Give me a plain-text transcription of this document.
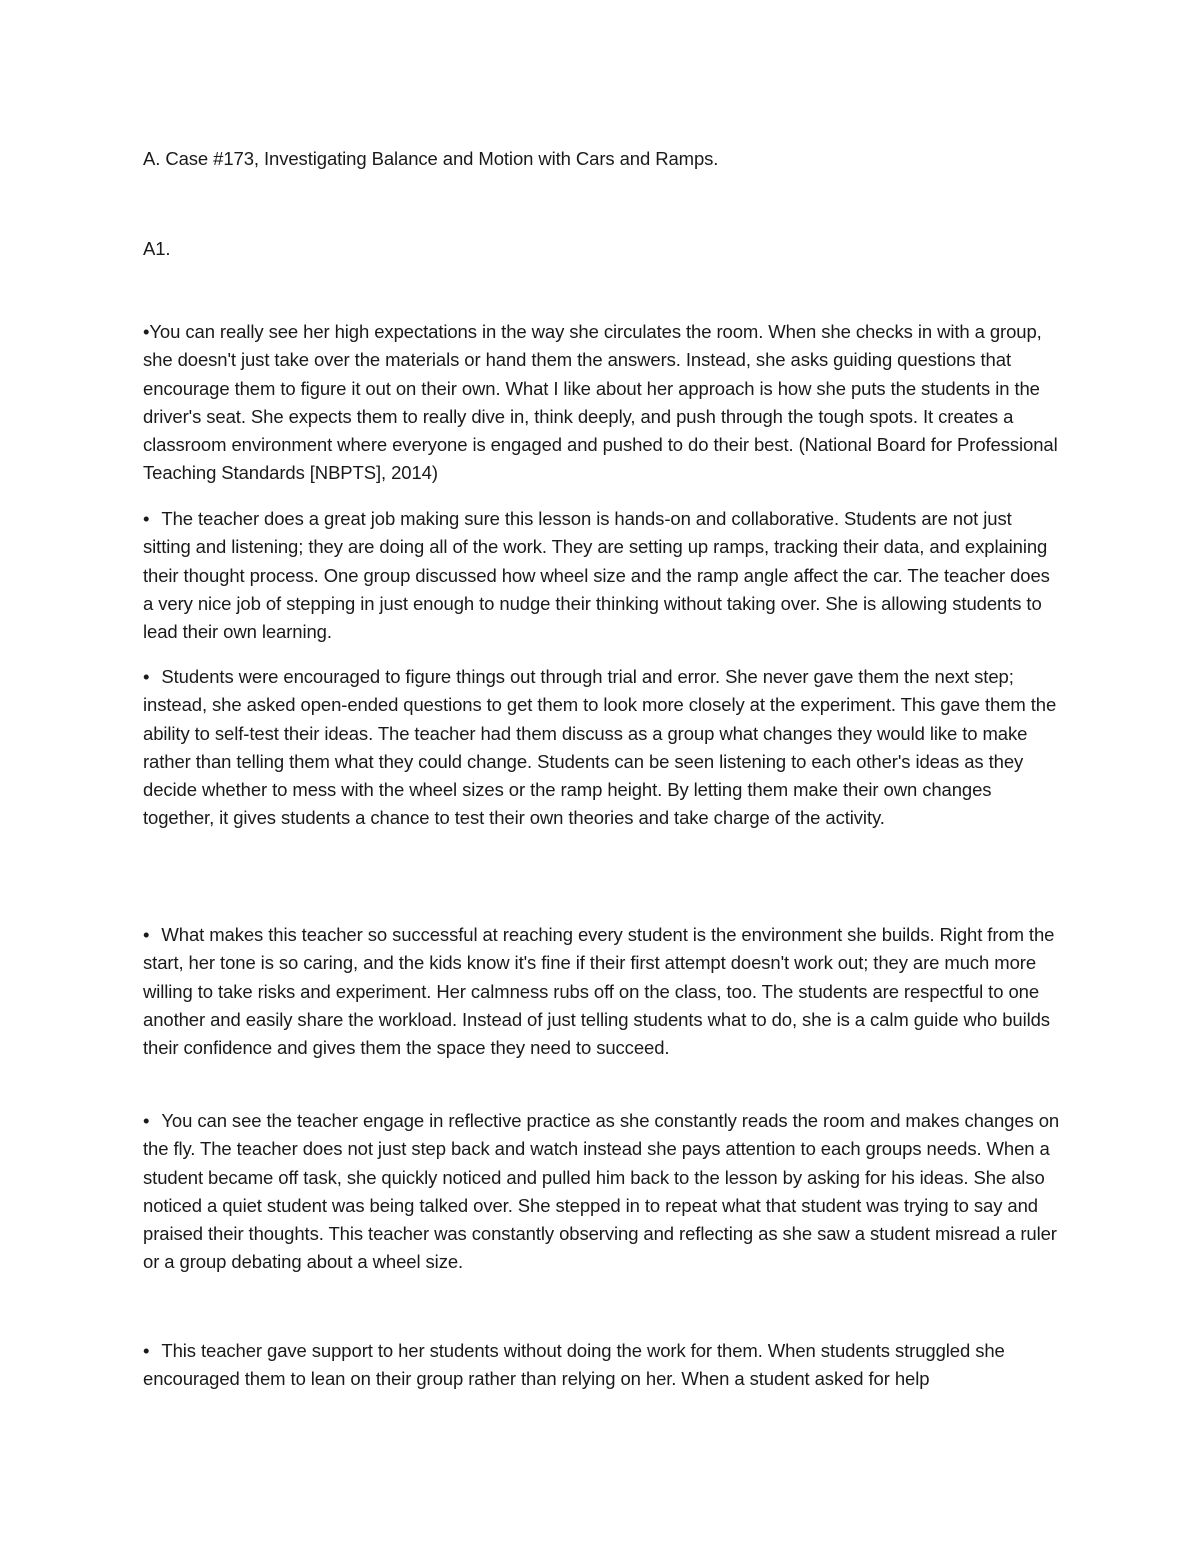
A. Case #173, Investigating Balance and Motion with Cars and Ramps.

A1.

•You can really see her high expectations in the way she circulates the room. When she checks in with a group, she doesn't just take over the materials or hand them the answers. Instead, she asks guiding questions that encourage them to figure it out on their own. What I like about her approach is how she puts the students in the driver's seat. She expects them to really dive in, think deeply, and push through the tough spots. It creates a classroom environment where everyone is engaged and pushed to do their best. (National Board for Professional Teaching Standards [NBPTS], 2014)

• The teacher does a great job making sure this lesson is hands-on and collaborative. Students are not just sitting and listening; they are doing all of the work. They are setting up ramps, tracking their data, and explaining their thought process. One group discussed how wheel size and the ramp angle affect the car. The teacher does a very nice job of stepping in just enough to nudge their thinking without taking over. She is allowing students to lead their own learning.

• Students were encouraged to figure things out through trial and error. She never gave them the next step; instead, she asked open-ended questions to get them to look more closely at the experiment. This gave them the ability to self-test their ideas. The teacher had them discuss as a group what changes they would like to make rather than telling them what they could change. Students can be seen listening to each other's ideas as they decide whether to mess with the wheel sizes or the ramp height. By letting them make their own changes together, it gives students a chance to test their own theories and take charge of the activity.

• What makes this teacher so successful at reaching every student is the environment she builds. Right from the start, her tone is so caring, and the kids know it's fine if their first attempt doesn't work out; they are much more willing to take risks and experiment. Her calmness rubs off on the class, too. The students are respectful to one another and easily share the workload. Instead of just telling students what to do, she is a calm guide who builds their confidence and gives them the space they need to succeed.

• You can see the teacher engage in reflective practice as she constantly reads the room and makes changes on the fly. The teacher does not just step back and watch instead she pays attention to each groups needs. When a student became off task, she quickly noticed and pulled him back to the lesson by asking for his ideas. She also noticed a quiet student was being talked over. She stepped in to repeat what that student was trying to say and praised their thoughts. This teacher was constantly observing and reflecting as she saw a student misread a ruler or a group debating about a wheel size.

• This teacher gave support to her students without doing the work for them. When students struggled she encouraged them to lean on their group rather than relying on her. When a student asked for help
